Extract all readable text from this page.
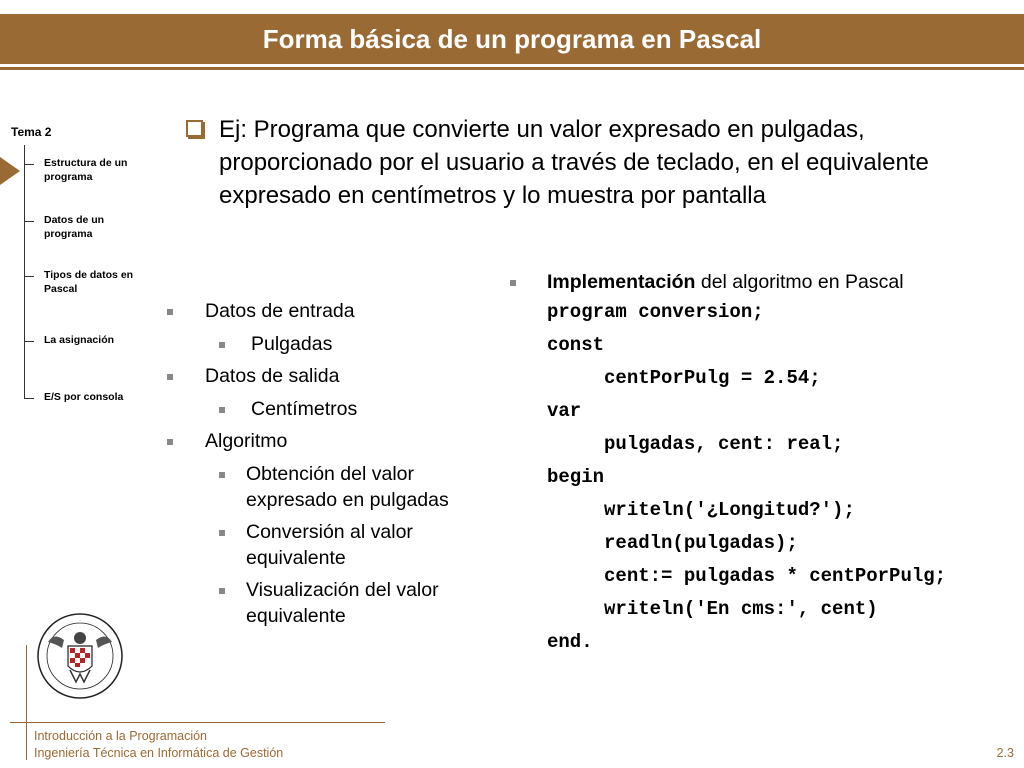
Forma básica de un programa en Pascal
Tema 2
Estructura de un programa
Datos de un programa
Tipos de datos en Pascal
La asignación
E/S por consola
Ej: Programa que convierte un valor expresado en pulgadas, proporcionado por el usuario a través de teclado, en el equivalente expresado en centímetros y lo muestra por pantalla
Datos de entrada
Pulgadas
Datos de salida
Centímetros
Algoritmo
Obtención del valor expresado en pulgadas
Conversión al valor equivalente
Visualización del valor equivalente
Implementación del algoritmo en Pascal
program conversion;
const
centPorPulg = 2.54;
var
pulgadas, cent: real;
begin
writeln('¿Longitud?');
readln(pulgadas);
cent:= pulgadas * centPorPulg;
writeln('En cms:', cent)
end.
·
Introducción a la Programación
Ingeniería Técnica en Informática de Gestión	2.3
